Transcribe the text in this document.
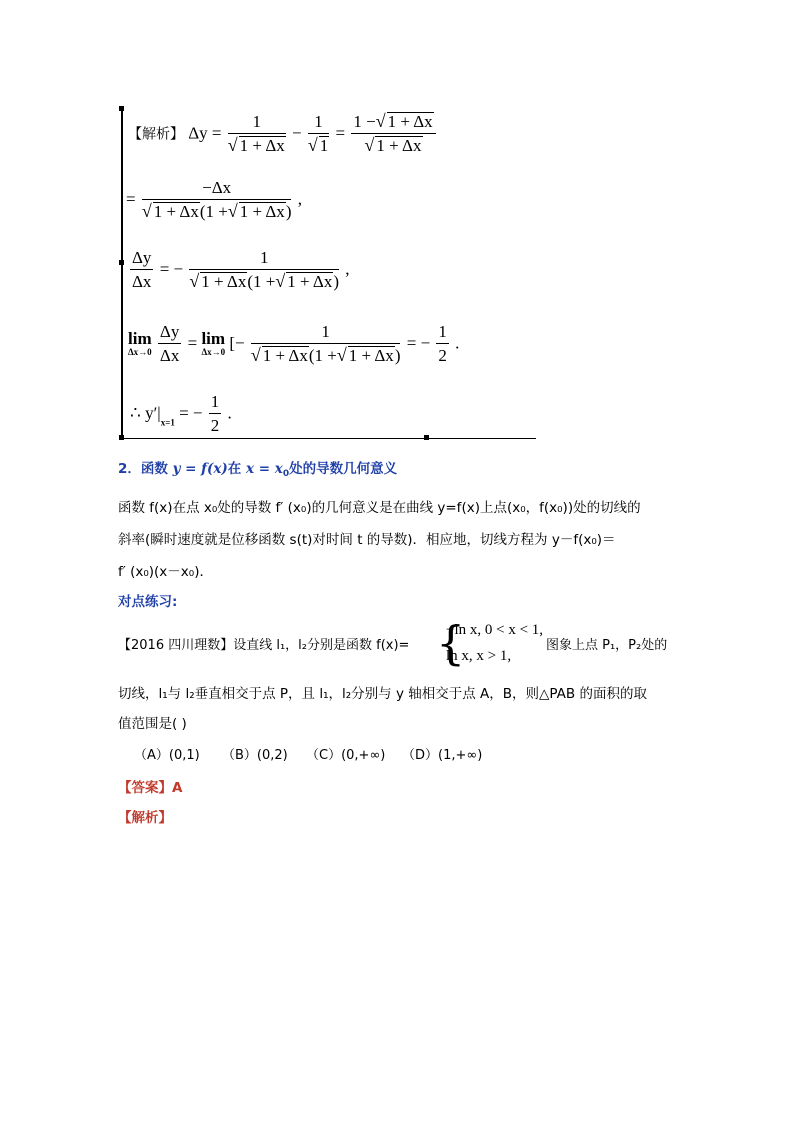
【解析】 $\Delta y = \frac{1}{√ 1 + \Delta x} - \frac{1}{√ 1} = \frac{1 -√ 1 + \Delta x}{√ 1 + \Delta x}$
= $\frac{-\Delta x}{√ 1 + \Delta x(1 +√ 1 + \Delta x)}$ ,
$\frac{\Delta y}{\Delta x}$ = − $\frac{1}{√ 1 + \Delta x(1 +√ 1 + \Delta x)}$ ,
lim
Δx→0
$\frac{\Delta y}{\Delta x} = \lim$
Δx→0 [− $\frac{1}{√ 1 + \Delta x(1 +√ 1 + \Delta x)}$ = − $\frac{1}{2}$ .
∴ $y'|_{x=1}$ = − $\frac{1}{2}$ .
2．函数 y = f(x)在 $x = x_0$处的导数几何意义
函数 f(x)在点 x₀处的导数 f′ (x₀)的几何意义是在曲线 y=f(x)上点(x₀，f(x₀))处的切线的
斜率(瞬时速度就是位移函数 s(t)对时间 t 的导数)．相应地，切线方程为 y－f(x₀)＝
f′ (x₀)(x－x₀)．
对点练习:
【2016 四川理数】设直线 l₁，l₂分别是函数 f(x)= {
−ln x, 0 < x < 1,
ln x, x > 1,
图象上点 P₁，P₂处的
切线，l₁与 l₂垂直相交于点 P，且 l₁，l₂分别与 y 轴相交于点 A，B，则△PAB 的面积的取
值范围是( )
（A）(0,1) （B）(0,2) （C）(0,+∞) （D）(1,+∞)
【答案】A
【解析】
